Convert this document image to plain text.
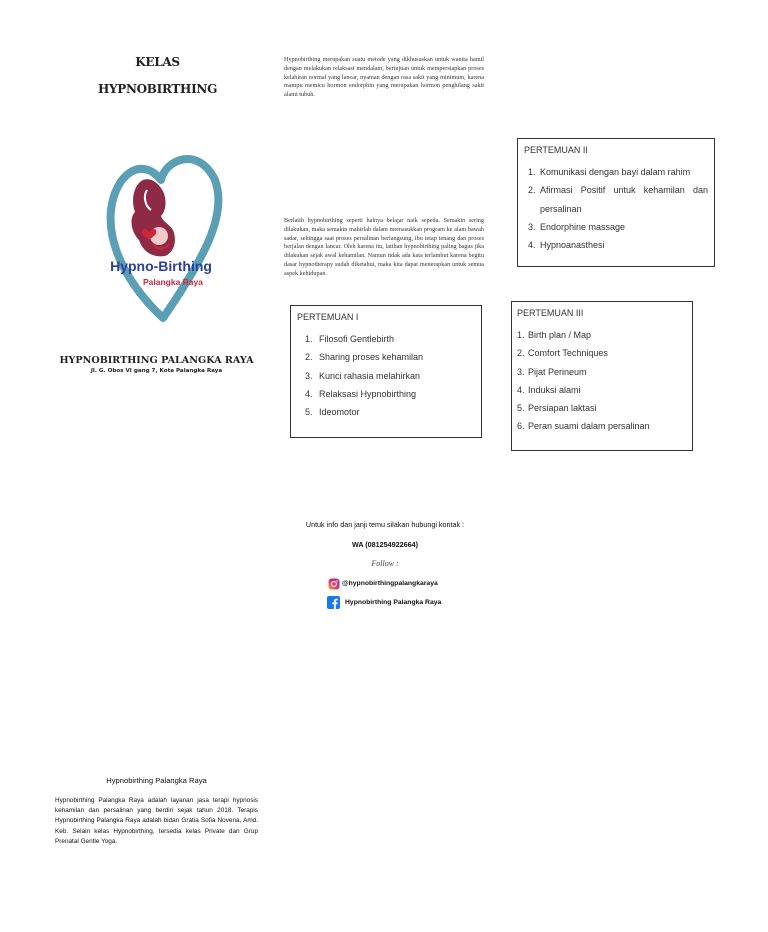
KELAS
HYPNOBIRTHING
Hypno-Birthing
Palangka Raya
HYPNOBIRTHING PALANGKA RAYA
Jl. G. Obos VI gang 7, Kota Palangka Raya
Hypnobirthing Palangka Raya
Hypnobirthing Palangka Raya adalah layanan jasa terapi hypnosis kehamilan dan persalinan yang berdiri sejak tahun 2018. Terapis Hypnobirthing Palangka Raya adalah bidan Gratia Sofia Novena, Amd. Keb. Selain kelas Hypnobirthing, tersedia kelas Private dan Grup Prenatal Gentle Yoga.
Hypnobirthing merupakan suatu metode yang dikhususkan untuk wanita hamil dengan melakukan relaksasi mendalam, bertujuan untuk mempersiapkan proses kelahiran normal yang lancar, nyaman dengan rasa sakit yang minimum, karena mampu memicu hormon endorphin yang merupakan hormon penghilang sakit alami tubuh.
Berlatih hypnobirthing seperti halnya belajar naik sepeda. Semakin sering dilakukan, maka semakin mahirlah dalam memasukkan program ke alam bawah sadar, sehingga saat proses persalinan berlangsung, ibu tetap tenang dan proses berjalan dengan lancar. Oleh karena itu, latihan hypnobirthing paling bagus jika dilakukan sejak awal kehamilan. Namun tidak ada kata terlambut karena begitu dasar hypnotherapy sudah diketahui, maka kita dapat menerapkan untuk semua aspek kehidupan.
PERTEMUAN I
1. Filosofi Gentlebirth
2. Sharing proses kehamilan
3. Kunci rahasia melahirkan
4. Relaksasi Hypnobirthing
5. Ideomotor
PERTEMUAN II
1. Komunikasi dengan bayi dalam rahim
2. Afirmasi Positif untuk kehamilan dan persalinan
3. Endorphine massage
4. Hypnoanasthesi
PERTEMUAN III
1. Birth plan / Map
2. Comfort Techniques
3. Pijat Perineum
4. Induksi alami
5. Persiapan laktasi
6. Peran suami dalam persalinan
Untuk info dan janji temu silakan hubungi kontak :
WA (081254922664)
Follow :
@hypnobirthingpalangkaraya
Hypnobirthing Palangka Raya
